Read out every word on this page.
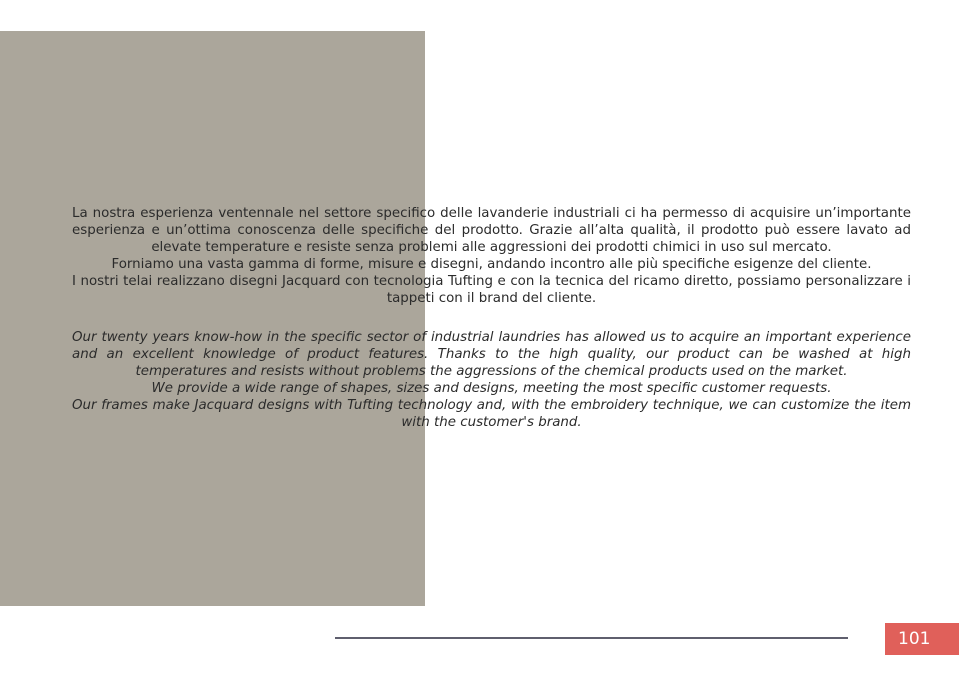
La nostra esperienza ventennale nel settore specifico delle lavanderie industriali ci ha permesso di acquisire un’importante esperienza e un’ottima conoscenza delle specifiche del prodotto. Grazie all’alta qualità, il prodotto può essere lavato ad elevate temperature e resiste senza problemi alle aggressioni dei prodotti chimici in uso sul mercato.

Forniamo una vasta gamma di forme, misure e disegni, andando incontro alle più specifiche esigenze del cliente.

I nostri telai realizzano disegni Jacquard con tecnologia Tufting e con la tecnica del ricamo diretto, possiamo personalizzare i tappeti con il brand del cliente.

Our twenty years know-how in the specific sector of industrial laundries has allowed us to acquire an important experience and an excellent knowledge of product features. Thanks to the high quality, our product can be washed at high temperatures and resists without problems the aggressions of the chemical products used on the market.

We provide a wide range of shapes, sizes and designs, meeting the most specific customer requests.

Our frames make Jacquard designs with Tufting technology and, with the embroidery technique, we can customize the item with the customer's brand.

101
